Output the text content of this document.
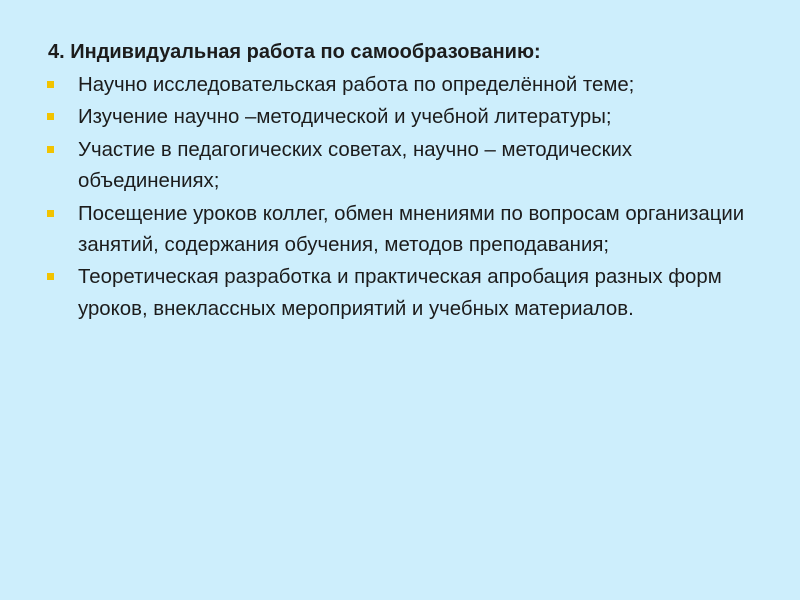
4. Индивидуальная работа по самообразованию:
Научно исследовательская работа по определённой теме;
Изучение научно –методической и учебной литературы;
Участие в педагогических советах, научно – методических объединениях;
Посещение уроков коллег, обмен мнениями по вопросам организации занятий, содержания обучения, методов преподавания;
Теоретическая разработка и практическая апробация разных форм уроков, внеклассных мероприятий и учебных материалов.
